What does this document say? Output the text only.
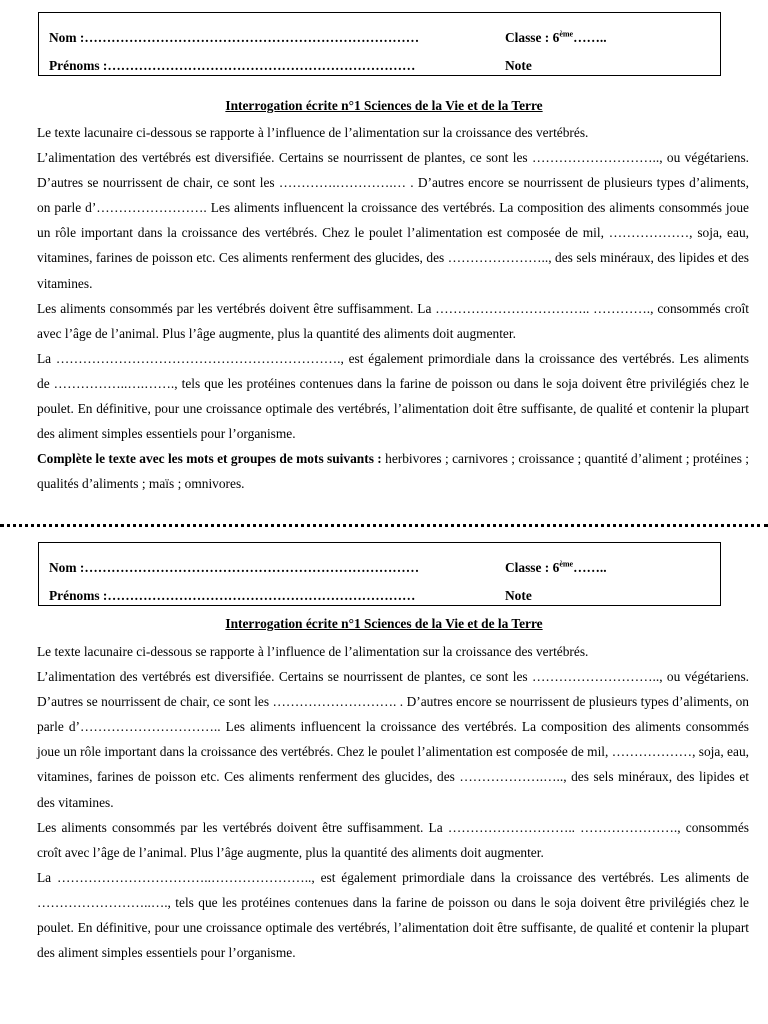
Nom :…………………………………………………………………
Prénoms :……………………………………………………………
Classe : 6ème……..
Note
Interrogation écrite n°1 Sciences de la Vie et de la Terre

Le texte lacunaire ci-dessous se rapporte à l’influence de l’alimentation sur la croissance des vertébrés.

L’alimentation des vertébrés est diversifiée. Certains se nourrissent de plantes, ce sont les ……………………….., ou végétariens. D’autres se nourrissent de chair, ce sont les ………….………….… . D’autres encore se nourrissent de plusieurs types d’aliments, on parle d’……………………. Les aliments influencent la croissance des vertébrés. La composition des aliments consommés joue un rôle important dans la croissance des vertébrés. Chez le poulet l’alimentation est composée de mil, ………………, soja, eau, vitamines, farines de poisson etc. Ces aliments renferment des glucides, des ………………….., des sels minéraux, des lipides et des vitamines.

Les aliments consommés par les vertébrés doivent être suffisamment. La …………………………….. …………., consommés croît avec l’âge de l’animal. Plus l’âge augmente, plus la quantité des aliments doit augmenter.

La ………………………………………………………., est également primordiale dans la croissance des vertébrés. Les aliments de ……………..….……., tels que les protéines contenues dans la farine de poisson ou dans le soja doivent être privilégiés chez le poulet. En définitive, pour une croissance optimale des vertébrés, l’alimentation doit être suffisante, de qualité et contenir la plupart des aliment simples essentiels pour l’organisme.

Complète le texte avec les mots et groupes de mots suivants : herbivores ; carnivores ; croissance ; quantité d’aliment ; protéines ; qualités d’aliments ; maïs ; omnivores.

Nom :…………………………………………………………………
Prénoms :……………………………………………………………
Classe : 6ème……..
Note
Interrogation écrite n°1 Sciences de la Vie et de la Terre

Le texte lacunaire ci-dessous se rapporte à l’influence de l’alimentation sur la croissance des vertébrés.

L’alimentation des vertébrés est diversifiée. Certains se nourrissent de plantes, ce sont les ……………………….., ou végétariens. D’autres se nourrissent de chair, ce sont les ………………………. . D’autres encore se nourrissent de plusieurs types d’aliments, on parle d’………………………….. Les aliments influencent la croissance des vertébrés. La composition des aliments consommés joue un rôle important dans la croissance des vertébrés. Chez le poulet l’alimentation est composée de mil, ………………, soja, eau, vitamines, farines de poisson etc. Ces aliments renferment des glucides, des ……………….….., des sels minéraux, des lipides et des vitamines.

Les aliments consommés par les vertébrés doivent être suffisamment. La ……………………….. …………………., consommés croît avec l’âge de l’animal. Plus l’âge augmente, plus la quantité des aliments doit augmenter.

La ……………………………..………………….., est également primordiale dans la croissance des vertébrés. Les aliments de ……………………..…., tels que les protéines contenues dans la farine de poisson ou dans le soja doivent être privilégiés chez le poulet. En définitive, pour une croissance optimale des vertébrés, l’alimentation doit être suffisante, de qualité et contenir la plupart des aliment simples essentiels pour l’organisme.
